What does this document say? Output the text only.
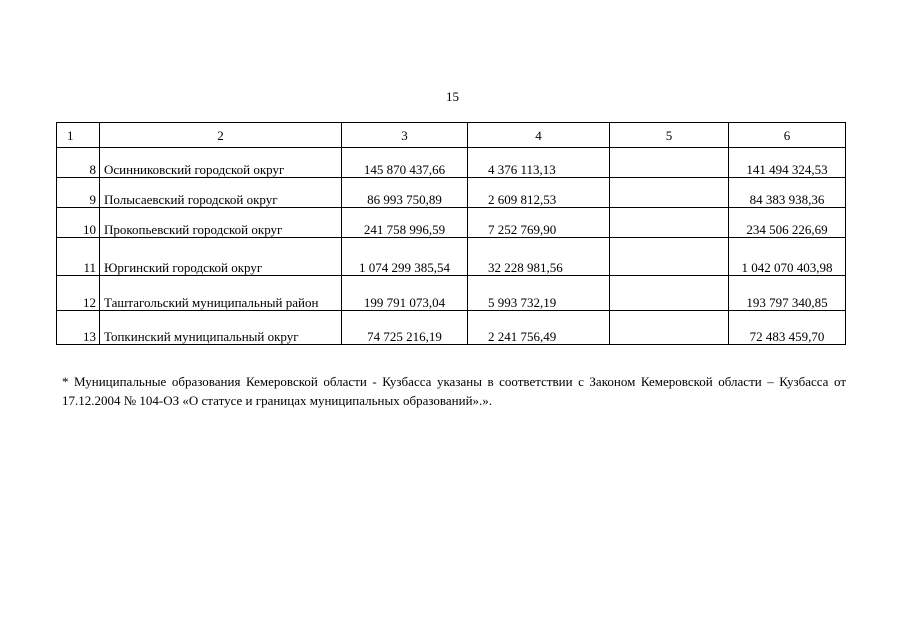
15
1	2	3	4	5	6
8	Осинниковский городской округ	145 870 437,66	4 376 113,13		141 494 324,53
9	Полысаевский городской округ	86 993 750,89	2 609 812,53		84 383 938,36
10	Прокопьевский городской округ	241 758 996,59	7 252 769,90		234 506 226,69
11	Юргинский городской округ	1 074 299 385,54	32 228 981,56		1 042 070 403,98
12	Таштагольский муниципальный район	199 791 073,04	5 993 732,19		193 797 340,85
13	Топкинский муниципальный округ	74 725 216,19	2 241 756,49		72 483 459,70
* Муниципальные образования Кемеровской области - Кузбасса указаны в соответствии с Законом Кемеровской области – Кузбасса от 17.12.2004 № 104-ОЗ «О статусе и границах муниципальных образований».».
